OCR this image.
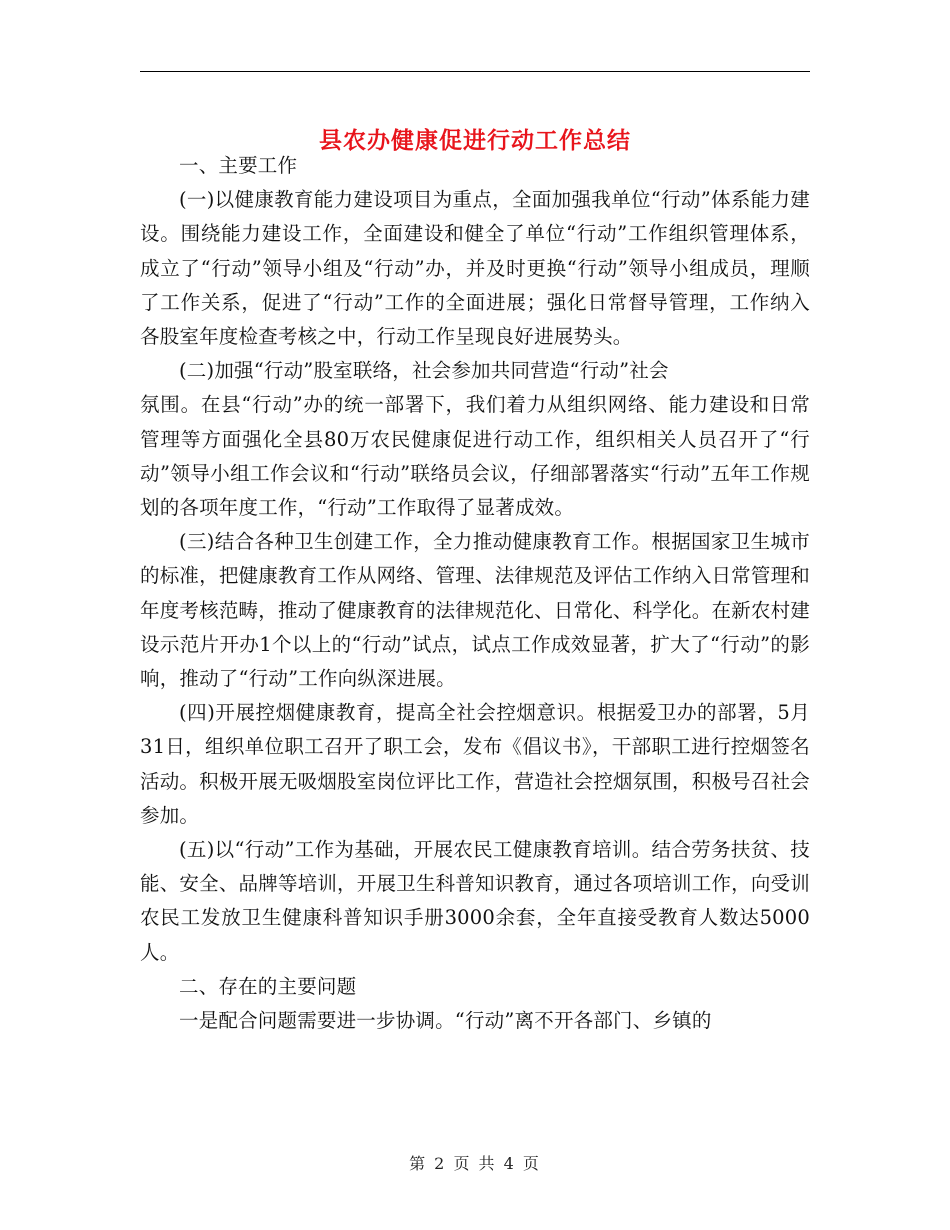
县农办健康促进行动工作总结

一、主要工作

(一)以健康教育能力建设项目为重点，全面加强我单位“行动”体系能力建设。围绕能力建设工作，全面建设和健全了单位“行动”工作组织管理体系，成立了“行动”领导小组及“行动”办，并及时更换“行动”领导小组成员，理顺了工作关系，促进了“行动”工作的全面进展；强化日常督导管理，工作纳入各股室年度检查考核之中，行动工作呈现良好进展势头。

(二)加强“行动”股室联络，社会参加共同营造“行动”社会

氛围。在县“行动”办的统一部署下，我们着力从组织网络、能力建设和日常管理等方面强化全县80万农民健康促进行动工作，组织相关人员召开了“行动”领导小组工作会议和“行动”联络员会议，仔细部署落实“行动”五年工作规划的各项年度工作，“行动”工作取得了显著成效。

(三)结合各种卫生创建工作，全力推动健康教育工作。根据国家卫生城市的标准，把健康教育工作从网络、管理、法律规范及评估工作纳入日常管理和年度考核范畴，推动了健康教育的法律规范化、日常化、科学化。在新农村建设示范片开办1个以上的“行动”试点，试点工作成效显著，扩大了“行动”的影响，推动了“行动”工作向纵深进展。

(四)开展控烟健康教育，提高全社会控烟意识。根据爱卫办的部署，5月31日，组织单位职工召开了职工会，发布《倡议书》，干部职工进行控烟签名活动。积极开展无吸烟股室岗位评比工作，营造社会控烟氛围，积极号召社会参加。

(五)以“行动”工作为基础，开展农民工健康教育培训。结合劳务扶贫、技能、安全、品牌等培训，开展卫生科普知识教育，通过各项培训工作，向受训农民工发放卫生健康科普知识手册3000余套，全年直接受教育人数达5000人。

二、存在的主要问题

一是配合问题需要进一步协调。“行动”离不开各部门、乡镇的

第 2 页 共 4 页
